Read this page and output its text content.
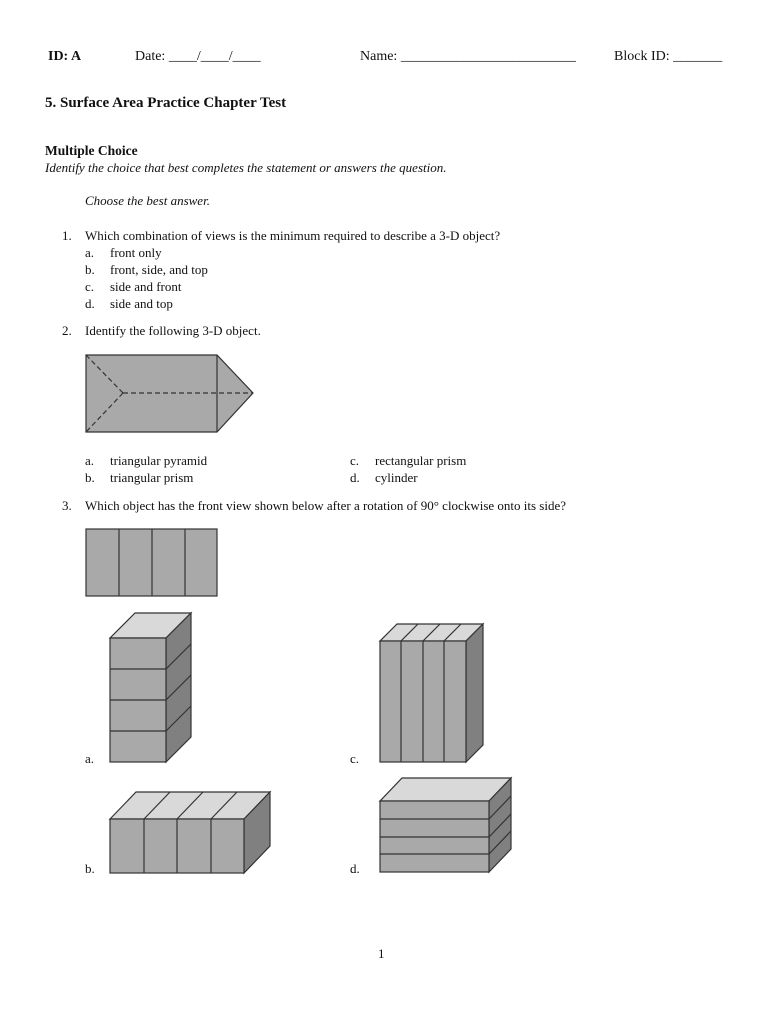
ID: A	Date: ____/____/____	Name: _________________________	Block ID: _______
5. Surface Area Practice Chapter Test
Multiple Choice
Identify the choice that best completes the statement or answers the question.
Choose the best answer.
1. Which combination of views is the minimum required to describe a 3-D object?
a. front only
b. front, side, and top
c. side and front
d. side and top
2. Identify the following 3-D object.
a. triangular pyramid
b. triangular prism
c. rectangular prism
d. cylinder
3. Which object has the front view shown below after a rotation of 90° clockwise onto its side?
a.	c.
b.	d.
1
